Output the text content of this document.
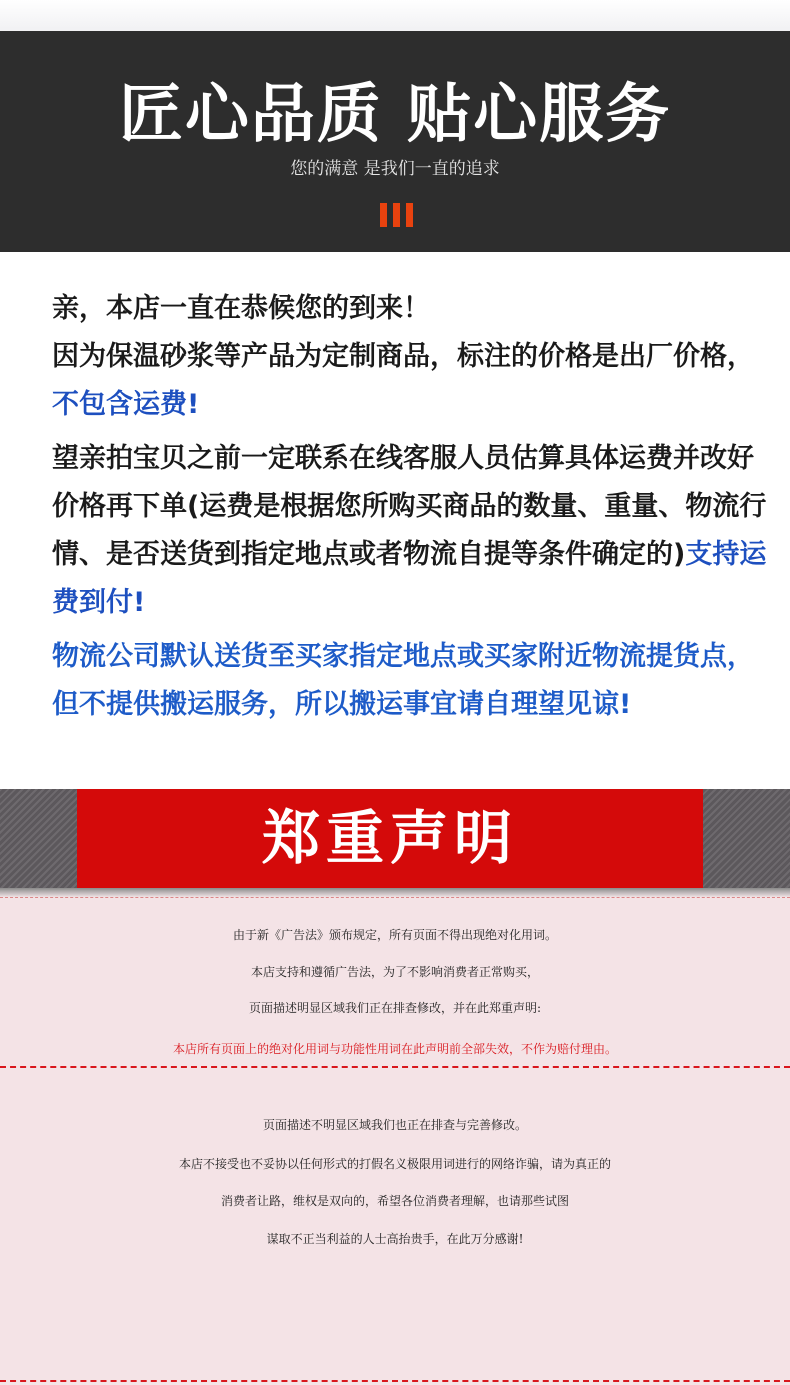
匠心品质 贴心服务
您的满意 是我们一直的追求

亲，本店一直在恭候您的到来！

因为保温砂浆等产品为定制商品，标注的价格是出厂价格，不包含运费!

望亲拍宝贝之前一定联系在线客服人员估算具体运费并改好价格再下单(运费是根据您所购买商品的数量、重量、物流行情、是否送货到指定地点或者物流自提等条件确定的)支持运费到付!

物流公司默认送货至买家指定地点或买家附近物流提货点，但不提供搬运服务，所以搬运事宜请自理望见谅!

郑重声明
由于新《广告法》颁布规定，所有页面不得出现绝对化用词。
本店支持和遵循广告法，为了不影响消费者正常购买，
页面描述明显区域我们正在排查修改，并在此郑重声明:
本店所有页面上的绝对化用词与功能性用词在此声明前全部失效，不作为赔付理由。
页面描述不明显区域我们也正在排查与完善修改。
本店不接受也不妥协以任何形式的打假名义极限用词进行的网络诈骗，请为真正的
消费者让路，维权是双向的，希望各位消费者理解，也请那些试图
谋取不正当利益的人士高抬贵手，在此万分感谢!
